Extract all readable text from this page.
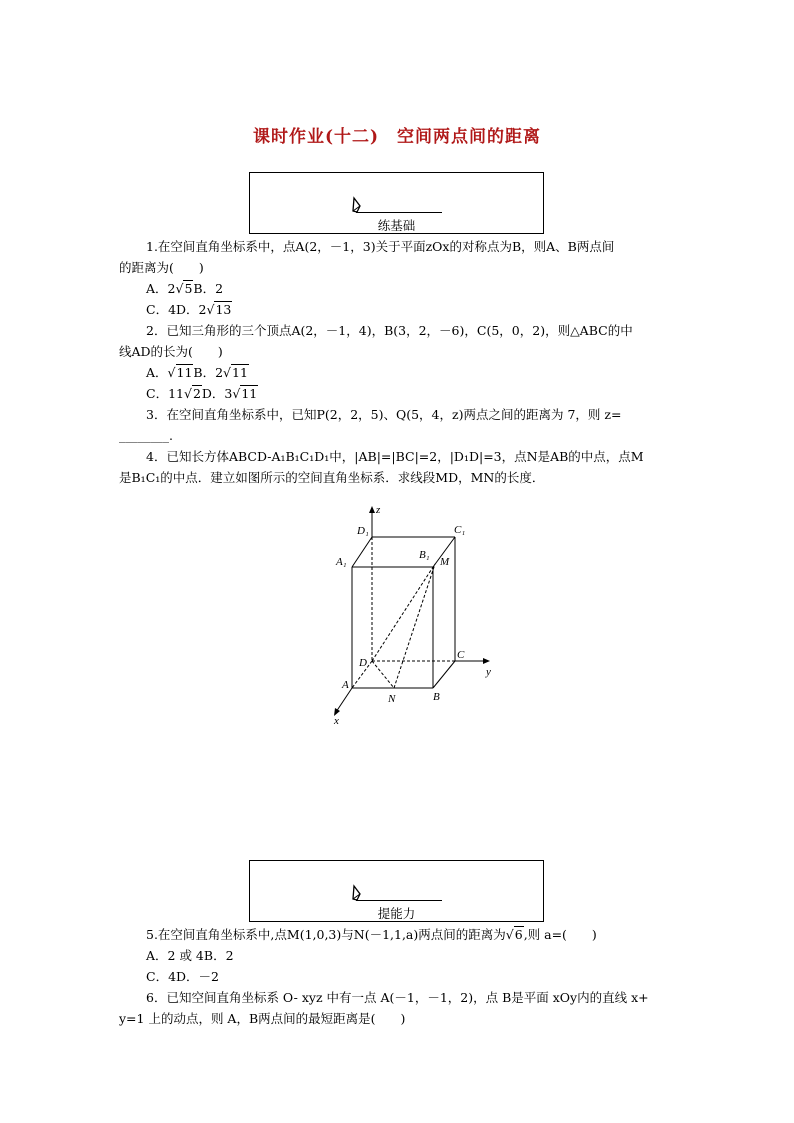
课时作业(十二)　空间两点间的距离
练基础
1.在空间直角坐标系中，点A(2，－1，3)关于平面zOx的对称点为B，则A、B两点间
的距离为(　　)
A．2√5B．2
C．4D．2√13
2．已知三角形的三个顶点A(2，－1，4)，B(3，2，－6)，C(5，0，2)，则△ABC的中
线AD的长为(　　)
A．√11B．2√11
C．11√2D．3√11
3．在空间直角坐标系中，已知P(2，2，5)、Q(5，4，z)两点之间的距离为 7，则 z=
________.
4．已知长方体ABCD-A₁B₁C₁D₁中，|AB|=|BC|=2，|D₁D|=3，点N是AB的中点，点M
是B₁C₁的中点．建立如图所示的空间直角坐标系．求线段MD，MN的长度．
z
y
x
D₁	C₁
A₁
B₁
M
D
C
A
B
N
提能力
5.在空间直角坐标系中,点M(1,0,3)与N(－1,1,a)两点间的距离为√6,则 a=(　　)
A．2 或 4B．2
C．4D．－2
6．已知空间直角坐标系 O- xyz 中有一点 A(－1，－1，2)，点 B是平面 xOy内的直线 x+
y=1 上的动点，则 A，B两点间的最短距离是(　　)
